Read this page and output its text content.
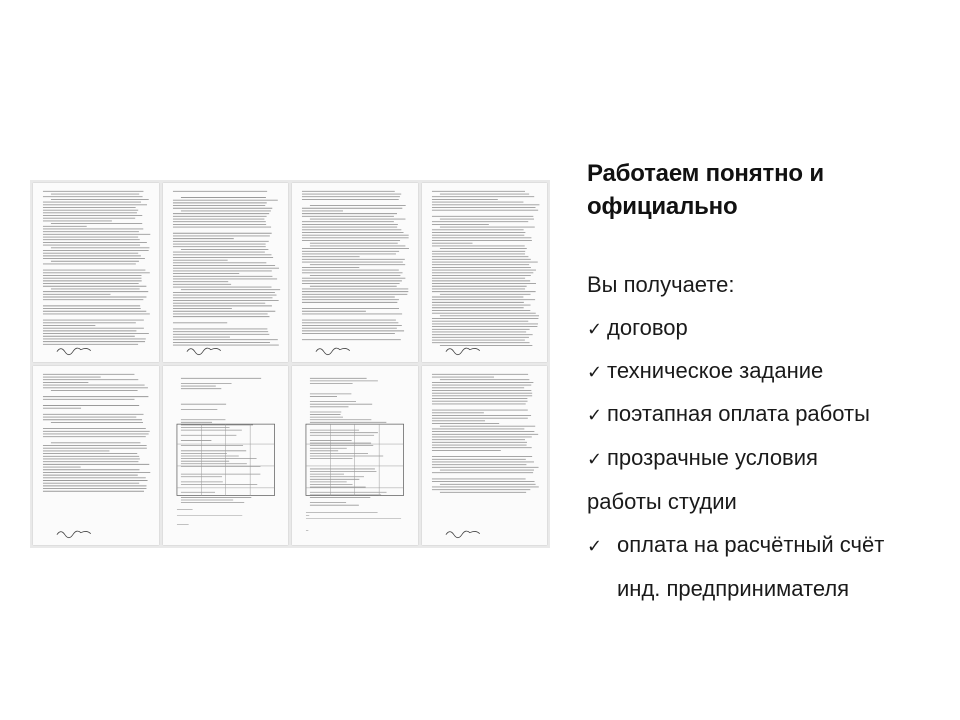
Работаем понятно и официально

Вы получаете:

✓ договор
✓ техническое задание
✓ поэтапная оплата работы
✓ прозрачные условия
работы студии
✓ оплата на расчётный счёт
инд. предпринимателя
